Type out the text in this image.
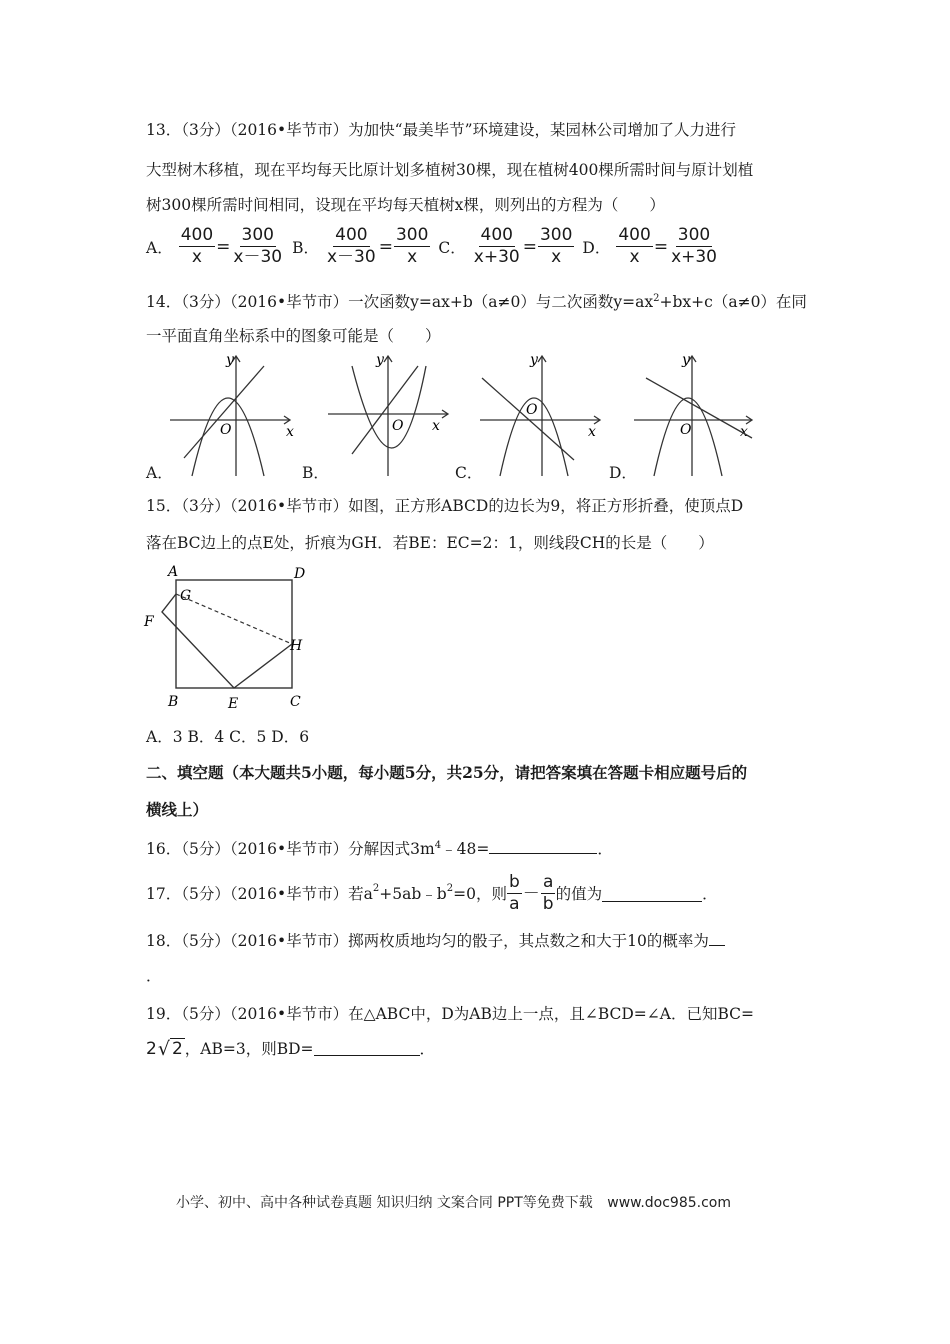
13．（3分）（2016•毕节市）为加快“最美毕节”环境建设，某园林公司增加了人力进行
大型树木移植，现在平均每天比原计划多植树30棵，现在植树400棵所需时间与原计划植
树300棵所需时间相同，设现在平均每天植树x棵，则列出的方程为（　　）
A． $\frac{400}{x} = \frac{300}{x-30}$ B． $\frac{400}{x-30} = \frac{300}{x}$ C． $\frac{400}{x+30} = \frac{300}{x}$ D． $\frac{400}{x} = \frac{300}{x+30}$
14．（3分）（2016•毕节市）一次函数y=ax+b（a≠0）与二次函数$y=ax^2+bx+c(a\ne 0)$在同
一平面直角坐标系中的图象可能是（　　）
A．
y
x
O
B．
y
x
O
C．
y
x
O
D．
y
x
O
15．（3分）（2016•毕节市）如图，正方形ABCD的边长为9，将正方形折叠，使顶点D
落在BC边上的点E处，折痕为GH．若BE：EC=2：1，则线段CH的长是（　　）
A	D
G
F
H
B	E	C
A．3 B．4 C．5 D．6
二、填空题（本大题共5小题，每小题5分，共25分，请把答案填在答题卡相应题号后的
横线上）
16．（5分）（2016•毕节市）分解因式$3m^4﹣48=$	．
17．（5分）（2016•毕节市）若$a^2$ $+5ab﹣b^2 =0$，则 $\frac{b}{a} - \frac{a}{b}$ 的值为	．
18．（5分）（2016•毕节市）掷两枚质地均匀的骰子，其点数之和大于10的概率为
．
19．（5分）（2016•毕节市）在△ABC中，D为AB边上一点，且∠BCD=∠A．已知BC=
2 √ 2 ，AB=3，则BD=	．
小学、初中、高中各种试卷真题 知识归纳 文案合同 PPT等免费下载 www.doc985.com
